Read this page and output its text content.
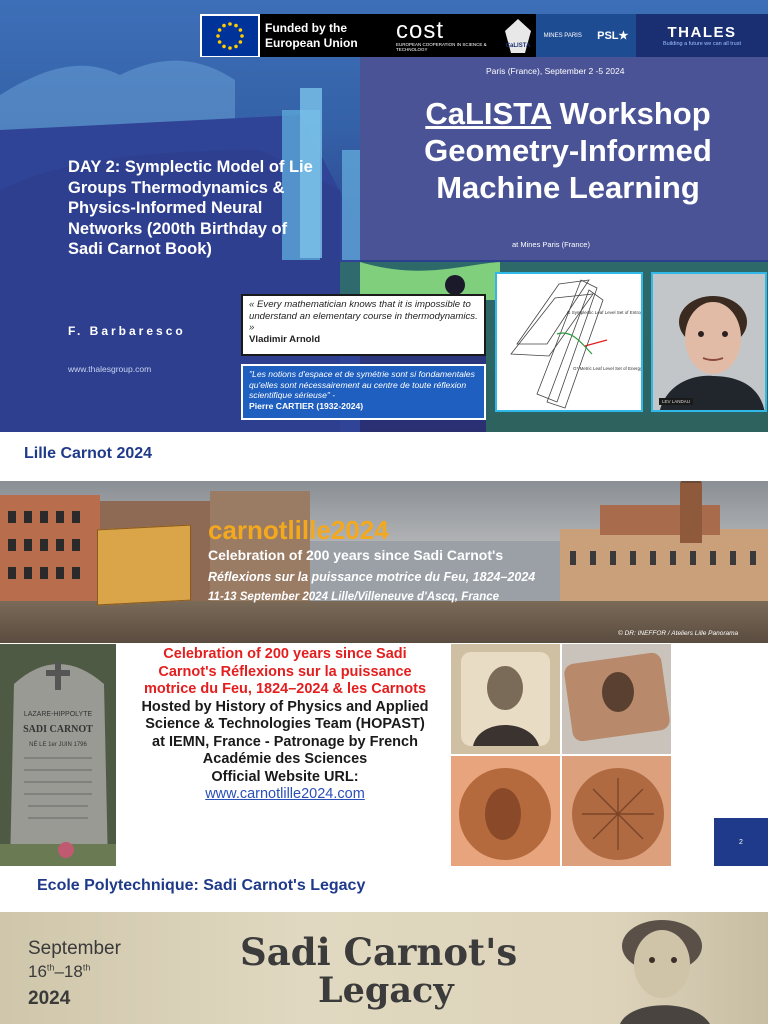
Funded by the European Union	cost
EUROPEAN COOPERATION IN SCIENCE & TECHNOLOGY
CaLISTA
MINES PARIS PSL★	THALES
Building a future we can all trust
Paris (France), September 2 -5 2024
CaLISTA Workshop Geometry-Informed Machine Learning
at Mines Paris (France)
DAY 2: Symplectic Model of Lie Groups Thermodynamics & Physics-Informed Neural Networks (200th Birthday of Sadi Carnot Book)
F. Barbaresco
www.thalesgroup.com
« Every mathematician knows that it is impossible to understand an elementary course in thermodynamics. »
Vladimir Arnold
"Les notions d'espace et de symétrie sont si fondamentales qu'elles sont nécessairement au centre de toute réflexion scientifique sérieuse" -
Pierre CARTIER (1932-2024)
G Symplectic Leaf Level Set of Entropy
G* Metric Leaf Level Set of Energy
LEV LANDAU
Lille Carnot 2024
carnotlille2024
Celebration of 200 years since Sadi Carnot's
Réflexions sur la puissance motrice du Feu, 1824–2024
11-13 September 2024 Lille/Villeneuve d'Ascq, France
© DR: INEFFOR / Ateliers Lille Panorama
LAZARE-HIPPOLYTE
SADI CARNOT
NÉ LE 1er JUIN 1796
Celebration of 200 years since Sadi
Carnot's Réflexions sur la puissance
motrice du Feu, 1824–2024 & les Carnots
Hosted by History of Physics and Applied
Science & Technologies Team (HOPAST)
at IEMN, France - Patronage by French
Académie des Sciences
Official Website URL:
www.carnotlille2024.com
2
Ecole Polytechnique: Sadi Carnot's Legacy
September
16th–18th
2024
Sadi Carnot's
Legacy
